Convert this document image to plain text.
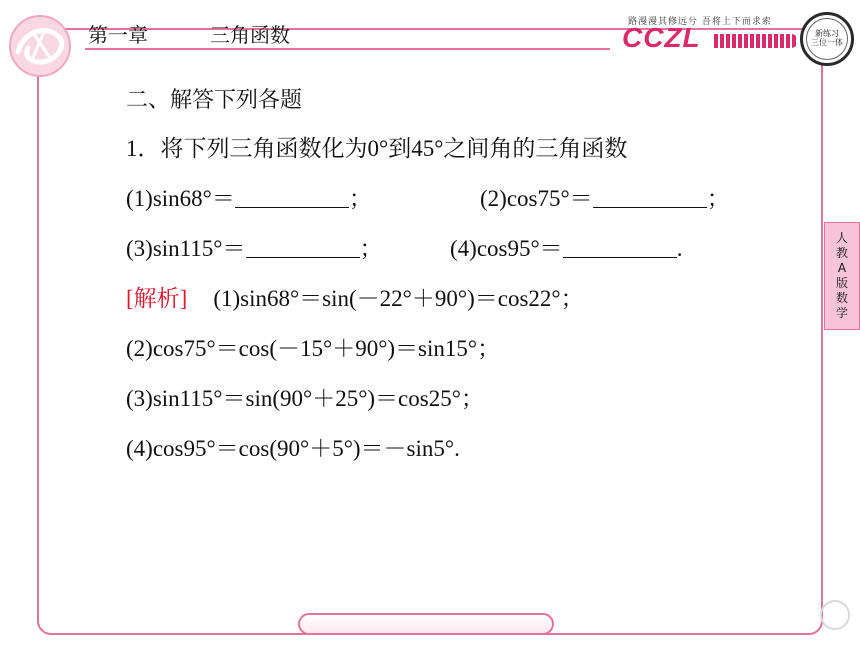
第一章	三角函数
路漫漫其修远兮 吾将上下而求索
CCZL	新练习
三位一体
人
教
A
版
数
学
二、解答下列各题
1．将下列三角函数化为0°到45°之间角的三角函数
(1)sin68°＝	；	(2)cos75°＝	；
(3)sin115°＝	；	(4)cos95°＝	.
[解析] (1)sin68°＝sin(－22°＋90°)＝cos22°；
(2)cos75°＝cos(－15°＋90°)＝sin15°；
(3)sin115°＝sin(90°＋25°)＝cos25°；
(4)cos95°＝cos(90°＋5°)＝－sin5°.
